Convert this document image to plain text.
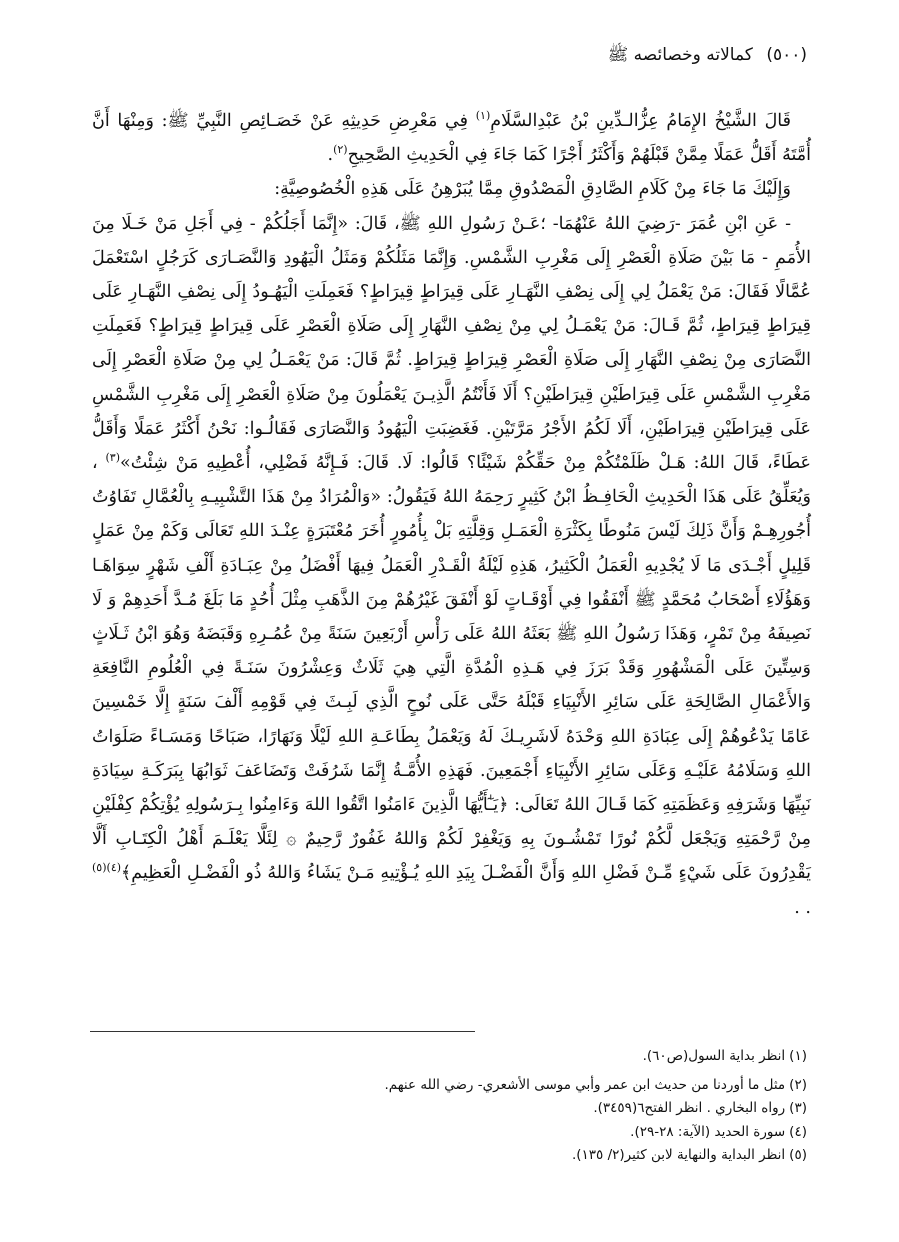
(٥٠٠) كمالاته وخصائصه ﷺ

قَالَ الشَّيْخُ الإِمَامُ عِزُّالـدِّينِ بْنُ عَبْدِالسَّلَامِ$^{(١)}$ فِي مَعْرِضِ حَدِيثِهِ عَنْ خَصَـائِصِ النَّبِيِّ ﷺ: وَمِنْهَا أَنَّ أُمَّتَهُ أَقَلُّ عَمَلًا مِمَّنْ قَبْلَهُمْ وَأَكْثَرُ أَجْرًا كَمَا جَاءَ فِي الْحَدِيثِ الصَّحِيحِ$^{(٢)}$.

وَإِلَيْكَ مَا جَاءَ مِنْ كَلَامِ الصَّادِقِ الْمَصْدُوقِ مِمَّا يُبَرْهِنُ عَلَى هَذِهِ الْخُصُوصِيَّةِ:

- عَنِ ابْنِ عُمَرَ -رَضِيَ اللهُ عَنْهُمَا- ؛عَـنْ رَسُولِ اللهِ ﷺ، قَالَ: «إِنَّمَا أَجَلُكُمْ - فِي أَجَلِ مَنْ خَـلَا مِنَ الأُمَمِ - مَا بَيْنَ صَلَاةِ الْعَصْرِ إِلَى مَغْرِبِ الشَّمْسِ. وَإِنَّمَا مَثَلُكُمْ وَمَثَلُ الْيَهُودِ وَالنَّصَـارَى كَرَجُلٍ اسْتَعْمَلَ عُمَّالًا فَقَالَ: مَنْ يَعْمَلُ لِي إِلَى نِصْفِ النَّهَـارِ عَلَى قِيرَاطٍ قِيرَاطٍ؟ فَعَمِلَتِ الْيَهُـودُ إِلَى نِصْفِ النَّهَـارِ عَلَى قِيرَاطٍ قِيرَاطٍ، ثُمَّ قَـالَ: مَنْ يَعْمَـلُ لِي مِنْ نِصْفِ النَّهَارِ إِلَى صَلَاةِ الْعَصْرِ عَلَى قِيرَاطٍ قِيرَاطٍ؟ فَعَمِلَتِ النَّصَارَى مِنْ نِصْفِ النَّهَارِ إِلَى صَلَاةِ الْعَصْرِ قِيرَاطٍ قِيرَاطٍ. ثُمَّ قَالَ: مَنْ يَعْمَـلُ لِي مِنْ صَلَاةِ الْعَصْرِ إِلَى مَغْرِبِ الشَّمْسِ عَلَى قِيرَاطَيْنِ قِيرَاطَيْنِ؟ أَلَا فَأَنْتُمُ الَّذِيـنَ يَعْمَلُونَ مِنْ صَلَاةِ الْعَصْرِ إِلَى مَغْرِبِ الشَّمْسِ عَلَى قِيرَاطَيْنِ قِيرَاطَيْنِ، أَلَا لَكُمُ الأَجْرُ مَرَّتَيْنِ. فَغَضِبَتِ الْيَهُودُ وَالنَّصَارَى فَقَالُـوا: نَحْنُ أَكْثَرُ عَمَلًا وَأَقَلُّ عَطَاءً، قَالَ اللهُ: هَـلْ ظَلَمْتُكُمْ مِنْ حَقِّكُمْ شَيْئًا؟ قَالُوا: لَا. قَالَ: فَـإِنَّهُ فَضْلِي، أُعْطِيهِ مَنْ شِئْتُ»$^{(٣)}$ ، وَيُعَلِّقُ عَلَى هَذَا الْحَدِيثِ الْحَافِـظُ ابْنُ كَثِيرٍ رَحِمَهُ اللهُ فَيَقُولُ: «وَالْمُرَادُ مِنْ هَذَا التَّشْبِيـهِ بِالْعُمَّالِ تَفَاوُتُ أُجُورِهِـمْ وَأَنَّ ذَلِكَ لَيْسَ مَنُوطًا بِكَثْرَةِ الْعَمَـلِ وَقِلَّتِهِ بَلْ بِأُمُورٍ أُخَرَ مُعْتَبَرَةٍ عِنْـدَ اللهِ تَعَالَى وَكَمْ مِنْ عَمَلٍ قَلِيلٍ أَجْـدَى مَا لَا يُجْدِيهِ الْعَمَلُ الْكَثِيرُ، هَذِهِ لَيْلَةُ الْقَـدْرِ الْعَمَلُ فِيهَا أَفْضَلُ مِنْ عِبَـادَةِ أَلْفِ شَهْرٍ سِوَاهَـا وَهَؤُلَاءِ أَصْحَابُ مُحَمَّدٍ ﷺ أَنْفَقُوا فِي أَوْقَـاتٍ لَوْ أَنْفَقَ غَيْرُهُمْ مِنَ الذَّهَبِ مِثْلَ أُحُدٍ مَا بَلَغَ مُـدَّ أَحَدِهِمْ وَ لَا نَصِيفَهُ مِنْ تَمْرٍ، وَهَذَا رَسُولُ اللهِ ﷺ بَعَثَهُ اللهُ عَلَى رَأْسِ أَرْبَعِينَ سَنَةً مِنْ عُمُـرِهِ وَقَبَضَهُ وَهُوَ ابْنُ ثَـلَاثٍ وَسِتِّينَ عَلَى الْمَشْهُورِ وَقَدْ بَرَزَ فِي هَـذِهِ الْمُدَّةِ الَّتِي هِيَ ثَلَاثٌ وَعِشْرُونَ سَنَـةً فِي الْعُلُومِ النَّافِعَةِ وَالأَعْمَالِ الصَّالِحَةِ عَلَى سَائِرِ الأَنْبِيَاءِ قَبْلَهُ حَتَّى عَلَى نُوحٍ الَّذِي لَبِـثَ فِي قَوْمِهِ أَلْفَ سَنَةٍ إِلَّا خَمْسِينَ عَامًا يَدْعُوهُمْ إِلَى عِبَادَةِ اللهِ وَحْدَهُ لَاشَرِيـكَ لَهُ وَيَعْمَلُ بِطَاعَـةِ اللهِ لَيْلًا وَنَهَارًا، صَبَاحًا وَمَسَـاءً صَلَوَاتُ اللهِ وَسَلَامُهُ عَلَيْـهِ وَعَلَى سَائِرِ الأَنْبِيَاءِ أَجْمَعِينَ. فَهَذِهِ الأُمَّـةُ إِنَّمَا شَرُفَتْ وَتَضَاعَفَ ثَوَابُهَا بِبَرَكَـةِ سِيَادَةِ نَبِيِّهَا وَشَرَفِهِ وَعَظَمَتِهِ كَمَا قَـالَ اللهُ تَعَالَى: ﴿يَـٰٓأَيُّهَا الَّذِينَ ءَامَنُوا اتَّقُوا اللهَ وَءَامِنُوا بِـرَسُولِهِ يُؤْتِكُمْ كِفْلَيْنِ مِنْ رَّحْمَتِهِ وَيَجْعَل لَّكُمْ نُورًا تَمْشُـونَ بِهِ وَيَغْفِرْ لَكُمْ وَاللهُ غَفُورٌ رَّحِيمٌ ۞ لِئَلَّا يَعْلَـمَ أَهْلُ الْكِتَـابِ أَلَّا يَقْدِرُونَ عَلَى شَيْءٍ مِّـنْ فَضْلِ اللهِ وَأَنَّ الْفَضْـلَ بِيَدِ اللهِ يُـؤْتِيهِ مَـنْ يَشَاءُ وَاللهُ ذُو الْفَضْـلِ الْعَظِيمِ﴾$^{(٤)(٥)}$ . .

(١)انظر بداية السول(ص٦٠).

(٢)مثل ما أوردنا من حديث ابن عمر وأبي موسى الأشعري- رضي الله عنهم.

(٣)رواه البخاري . انظر الفتح٦(٣٤٥٩).

(٤)سورة الحديد (الآية: ٢٨-٢٩).

(٥)انظر البداية والنهاية لابن كثير(٢/ ١٣٥).
